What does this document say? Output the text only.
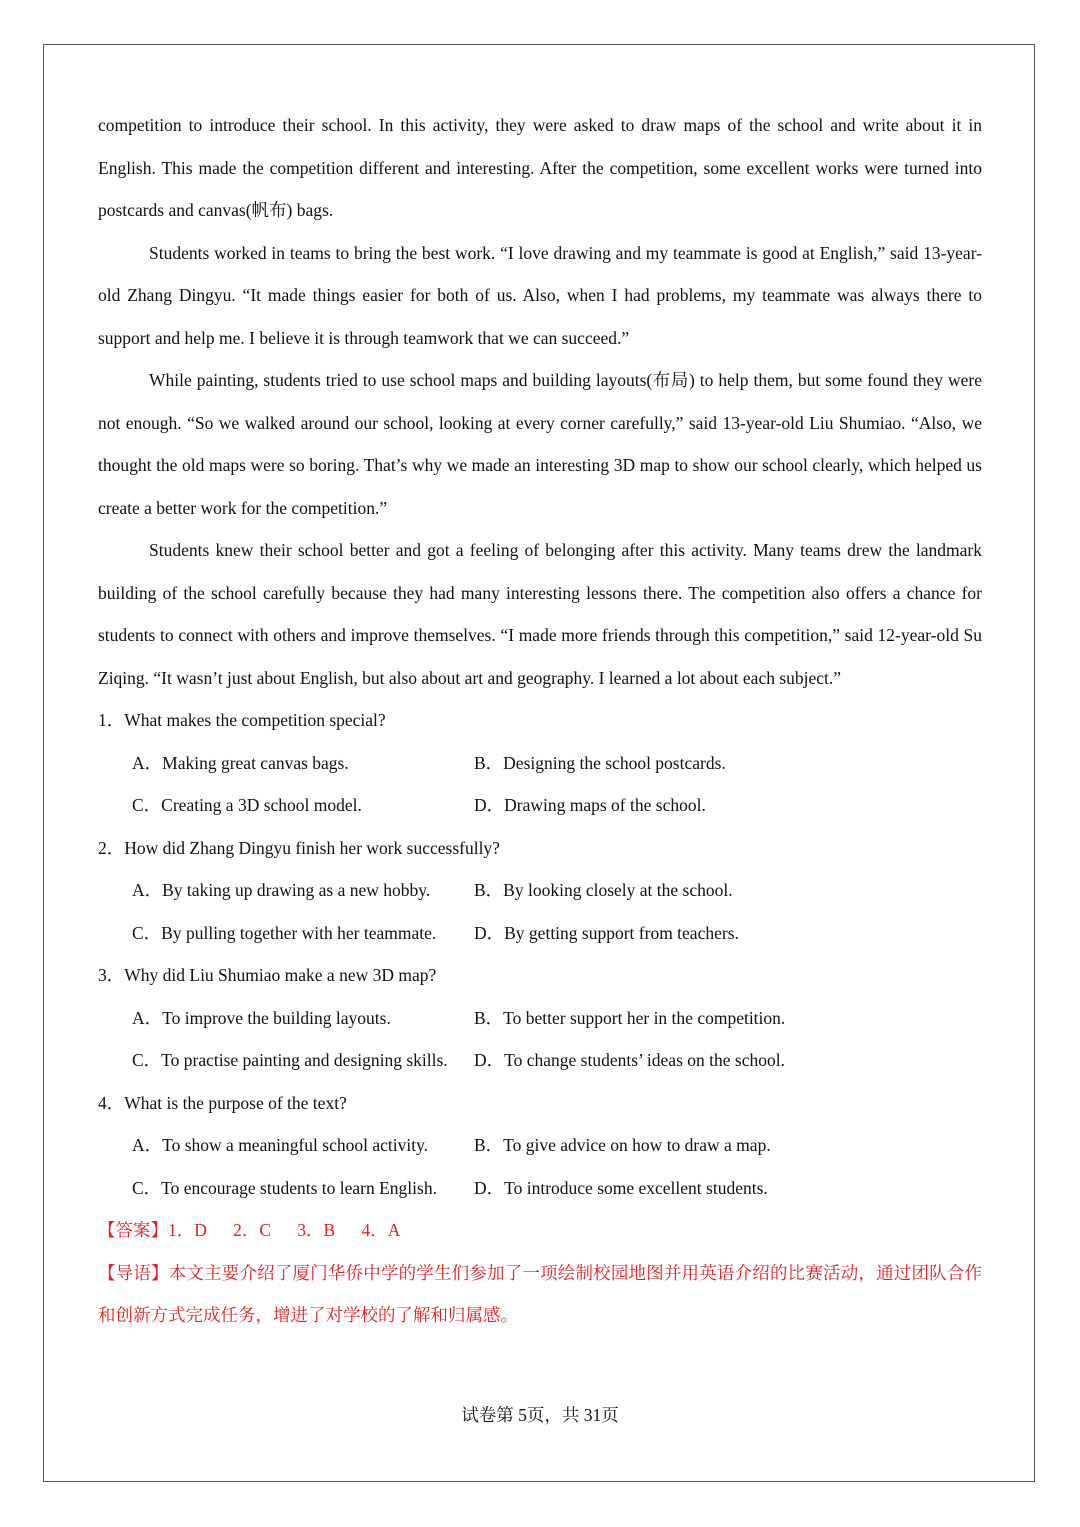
competition to introduce their school. In this activity, they were asked to draw maps of the school and write about it in English. This made the competition different and interesting. After the competition, some excellent works were turned into postcards and canvas(帆布) bags.

Students worked in teams to bring the best work. “I love drawing and my teammate is good at English,” said 13-year-old Zhang Dingyu. “It made things easier for both of us. Also, when I had problems, my teammate was always there to support and help me. I believe it is through teamwork that we can succeed.”

While painting, students tried to use school maps and building layouts(布局) to help them, but some found they were not enough. “So we walked around our school, looking at every corner carefully,” said 13-year-old Liu Shumiao. “Also, we thought the old maps were so boring. That’s why we made an interesting 3D map to show our school clearly, which helped us create a better work for the competition.”

Students knew their school better and got a feeling of belonging after this activity. Many teams drew the landmark building of the school carefully because they had many interesting lessons there. The competition also offers a chance for students to connect with others and improve themselves. “I made more friends through this competition,” said 12-year-old Su Ziqing. “It wasn’t just about English, but also about art and geography. I learned a lot about each subject.”

1．What makes the competition special?

A．Making great canvas bags.	B．Designing the school postcards.
C．Creating a 3D school model.	D．Drawing maps of the school.

2．How did Zhang Dingyu finish her work successfully?

A．By taking up drawing as a new hobby.	B．By looking closely at the school.
C．By pulling together with her teammate.	D．By getting support from teachers.

3．Why did Liu Shumiao make a new 3D map?

A．To improve the building layouts.	B．To better support her in the competition.
C．To practise painting and designing skills.	D．To change students’ ideas on the school.

4．What is the purpose of the text?

A．To show a meaningful school activity.	B．To give advice on how to draw a map.
C．To encourage students to learn English.	D．To introduce some excellent students.

【答案】1．D      2．C      3．B      4．A

【导语】本文主要介绍了厦门华侨中学的学生们参加了一项绘制校园地图并用英语介绍的比赛活动，通过团队合作和创新方式完成任务，增进了对学校的了解和归属感。

试卷第 5页，共 31页
